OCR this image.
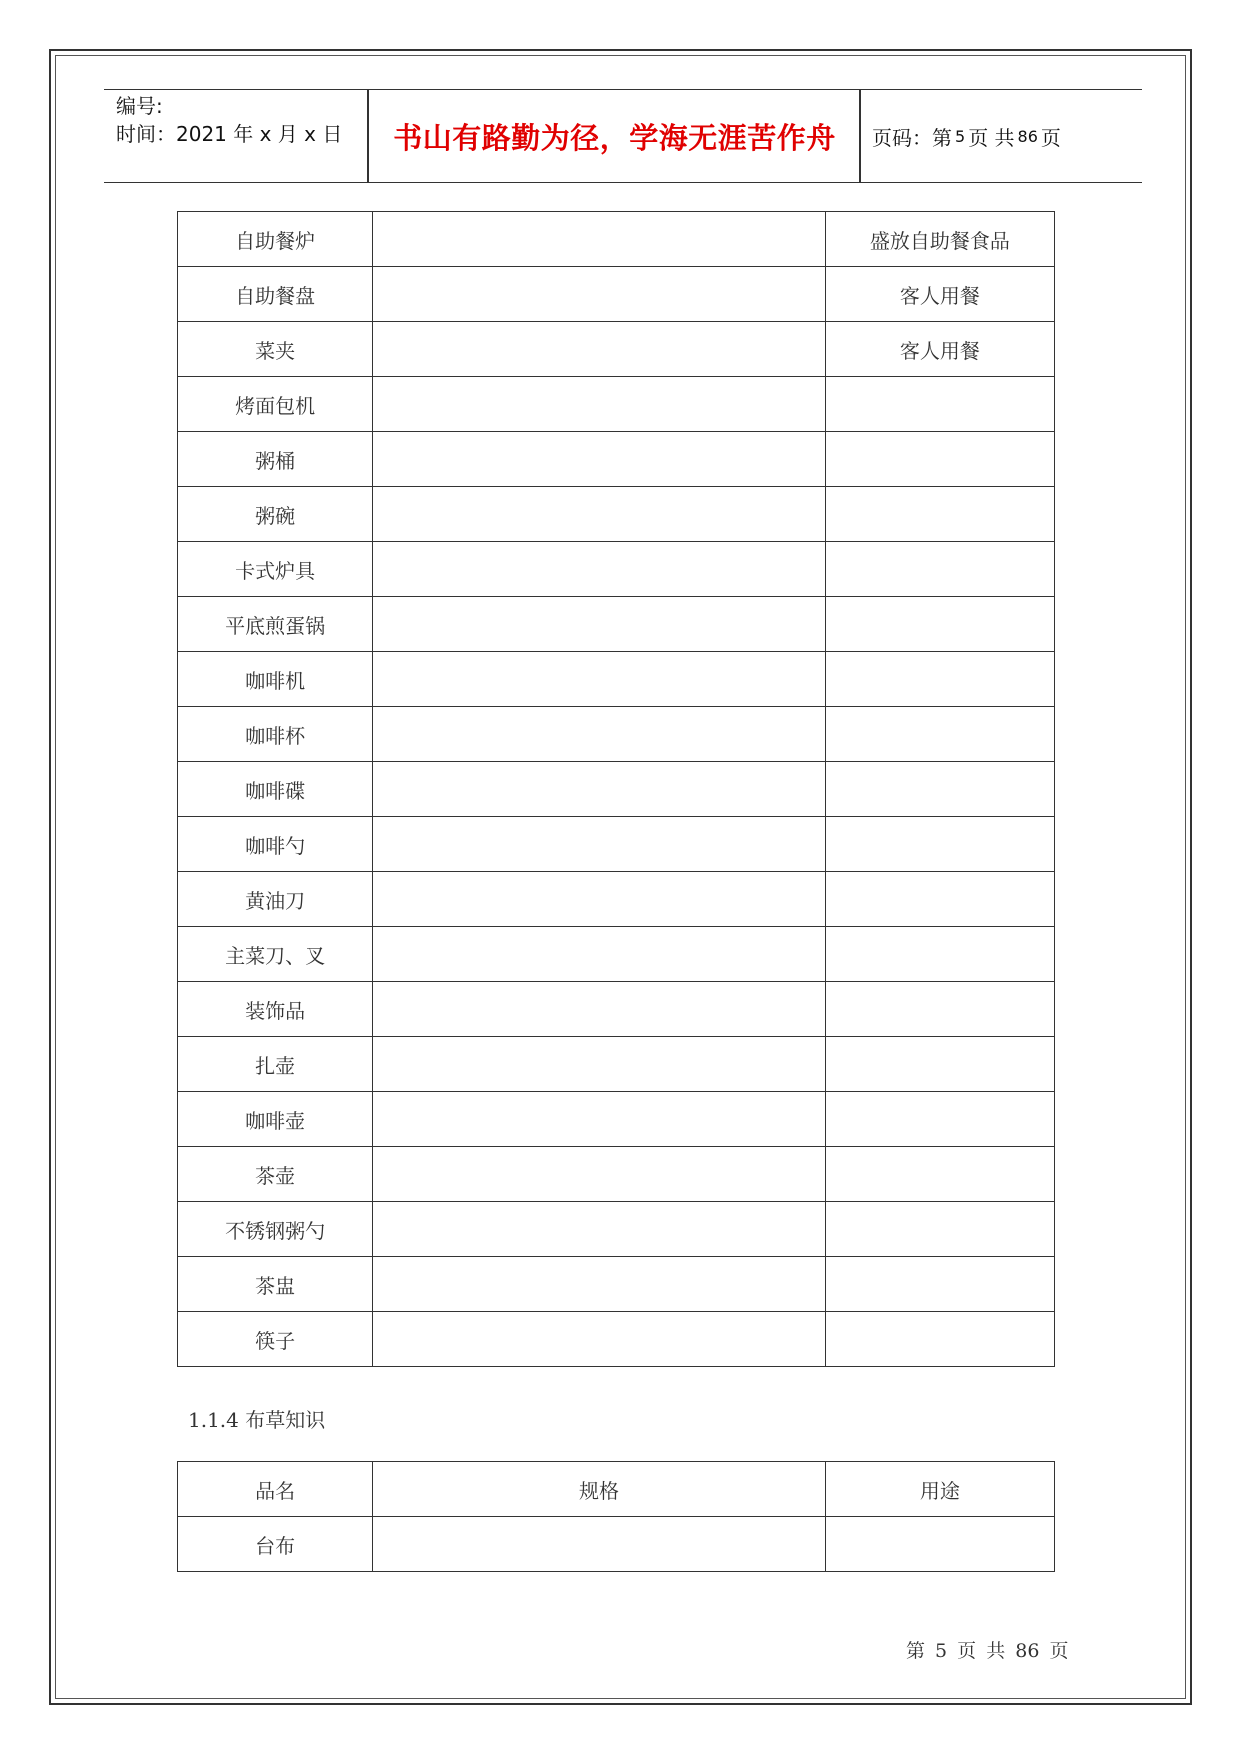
编号:
时间：2021 年 x 月 x 日	书山有路勤为径，学海无涯苦作舟	页码：第 5 页 共 86 页
自助餐炉		盛放自助餐食品
自助餐盘		客人用餐
菜夹		客人用餐
烤面包机		
粥桶		
粥碗		
卡式炉具		
平底煎蛋锅		
咖啡机		
咖啡杯		
咖啡碟		
咖啡勺		
黄油刀		
主菜刀、叉		
装饰品		
扎壶		
咖啡壶		
茶壶		
不锈钢粥勺		
茶盅		
筷子		
1.1.4 布草知识
品名	规格	用途
台布		
第 5 页 共 86 页
